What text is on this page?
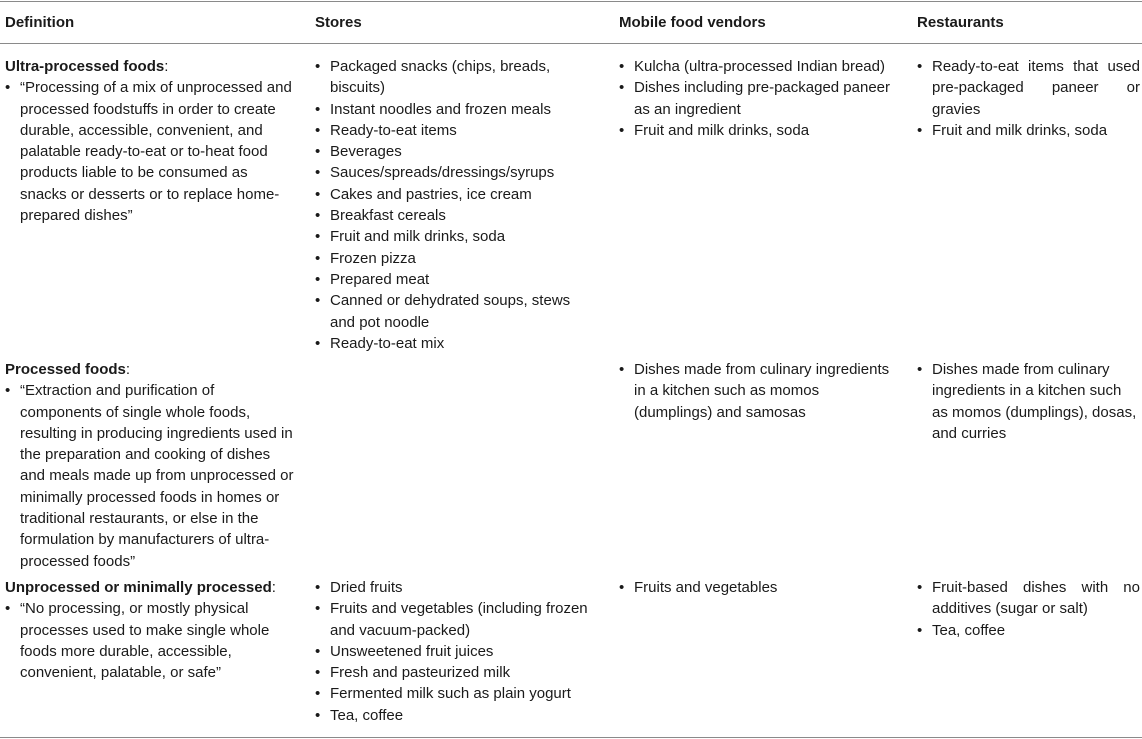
Definition	Stores	Mobile food vendors	Restaurants
Ultra-processed foods:
• “Processing of a mix of unprocessed and processed foodstuffs in order to create durable, accessible, convenient, and palatable ready-to-eat or to-heat food products liable to be consumed as snacks or desserts or to replace home-prepared dishes”
• Packaged snacks (chips, breads, biscuits)
• Instant noodles and frozen meals
• Ready-to-eat items
• Beverages
• Sauces/spreads/dressings/syrups
• Cakes and pastries, ice cream
• Breakfast cereals
• Fruit and milk drinks, soda
• Frozen pizza
• Prepared meat
• Canned or dehydrated soups, stews and pot noodle
• Ready-to-eat mix
• Kulcha (ultra-processed Indian bread)
• Dishes including pre-packaged paneer as an ingredient
• Fruit and milk drinks, soda
• Ready-to-eat items that used pre-packaged paneer or gravies
• Fruit and milk drinks, soda
Processed foods:
• “Extraction and purification of components of single whole foods, resulting in producing ingredients used in the preparation and cooking of dishes and meals made up from unprocessed or minimally processed foods in homes or traditional restaurants, or else in the formulation by manufacturers of ultra-processed foods”
• Dishes made from culinary ingredients in a kitchen such as momos (dumplings) and samosas
• Dishes made from culinary ingredients in a kitchen such as momos (dumplings), dosas, and curries
Unprocessed or minimally processed:
• “No processing, or mostly physical processes used to make single whole foods more durable, accessible, convenient, palatable, or safe”
• Dried fruits
• Fruits and vegetables (including frozen and vacuum-packed)
• Unsweetened fruit juices
• Fresh and pasteurized milk
• Fermented milk such as plain yogurt
• Tea, coffee
• Fruits and vegetables
•	Fruit-based dishes with no additives (sugar or salt)
• Tea, coffee
